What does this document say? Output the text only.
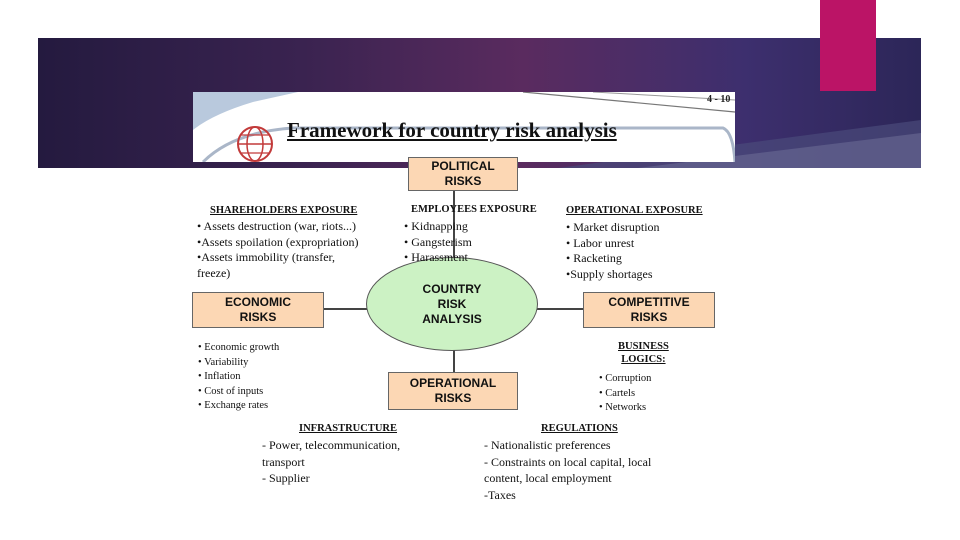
Framework for country risk analysis
4 - 10
POLITICAL
RISKS
ECONOMIC
RISKS
COMPETITIVE
RISKS
OPERATIONAL
RISKS
COUNTRY
RISK
ANALYSIS
SHAREHOLDERS EXPOSURE
• Assets destruction (war, riots...)
•Assets spoilation (expropriation)
•Assets immobility (transfer,
freeze)
EMPLOYEES EXPOSURE
• Kidnapping
• Gangsterism
• Harassment
OPERATIONAL EXPOSURE
• Market disruption
• Labor unrest
• Racketing
•Supply shortages
• Economic growth
• Variability
• Inflation
• Cost of inputs
• Exchange rates
BUSINESS
LOGICS:
• Corruption
• Cartels
• Networks
INFRASTRUCTURE
- Power, telecommunication,
transport
- Supplier
REGULATIONS
- Nationalistic preferences
- Constraints on local capital, local
content, local employment
-Taxes
